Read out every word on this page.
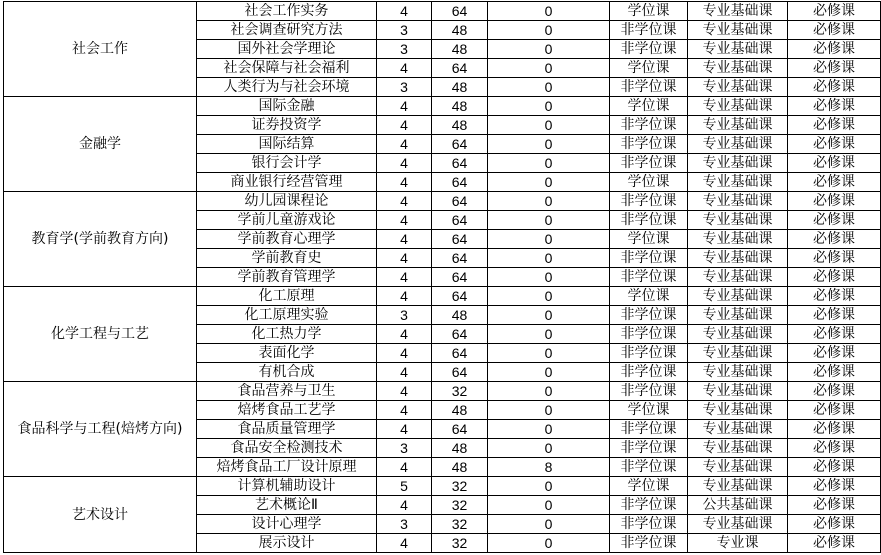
社会工作	社会工作实务	4	64	0	学位课	专业基础课	必修课
	社会调查研究方法	3	48	0	非学位课	专业基础课	必修课
	国外社会学理论	3	48	0	非学位课	专业基础课	必修课
	社会保障与社会福利	4	64	0	学位课	专业基础课	必修课
	人类行为与社会环境	3	48	0	非学位课	专业基础课	必修课
金融学	国际金融	4	48	0	学位课	专业基础课	必修课
	证券投资学	4	48	0	非学位课	专业基础课	必修课
	国际结算	4	64	0	非学位课	专业基础课	必修课
	银行会计学	4	64	0	非学位课	专业基础课	必修课
	商业银行经营管理	4	64	0	学位课	专业基础课	必修课
教育学(学前教育方向)	幼儿园课程论	4	64	0	非学位课	专业基础课	必修课
	学前儿童游戏论	4	64	0	非学位课	专业基础课	必修课
	学前教育心理学	4	64	0	学位课	专业基础课	必修课
	学前教育史	4	64	0	非学位课	专业基础课	必修课
	学前教育管理学	4	64	0	非学位课	专业基础课	必修课
化学工程与工艺	化工原理	4	64	0	学位课	专业基础课	必修课
	化工原理实验	3	48	0	非学位课	专业基础课	必修课
	化工热力学	4	64	0	非学位课	专业基础课	必修课
	表面化学	4	64	0	非学位课	专业基础课	必修课
	有机合成	4	64	0	非学位课	专业基础课	必修课
食品科学与工程(焙烤方向)	食品营养与卫生	4	32	0	非学位课	专业基础课	必修课
	焙烤食品工艺学	4	48	0	学位课	专业基础课	必修课
	食品质量管理学	4	64	0	非学位课	专业基础课	必修课
	食品安全检测技术	3	48	0	非学位课	专业基础课	必修课
	焙烤食品工厂设计原理	4	48	8	非学位课	专业基础课	必修课
艺术设计	计算机辅助设计	5	32	0	学位课	专业基础课	必修课
	艺术概论Ⅱ	4	32	0	非学位课	公共基础课	必修课
	设计心理学	3	32	0	非学位课	专业基础课	必修课
	展示设计	4	32	0	非学位课	专业课	必修课
